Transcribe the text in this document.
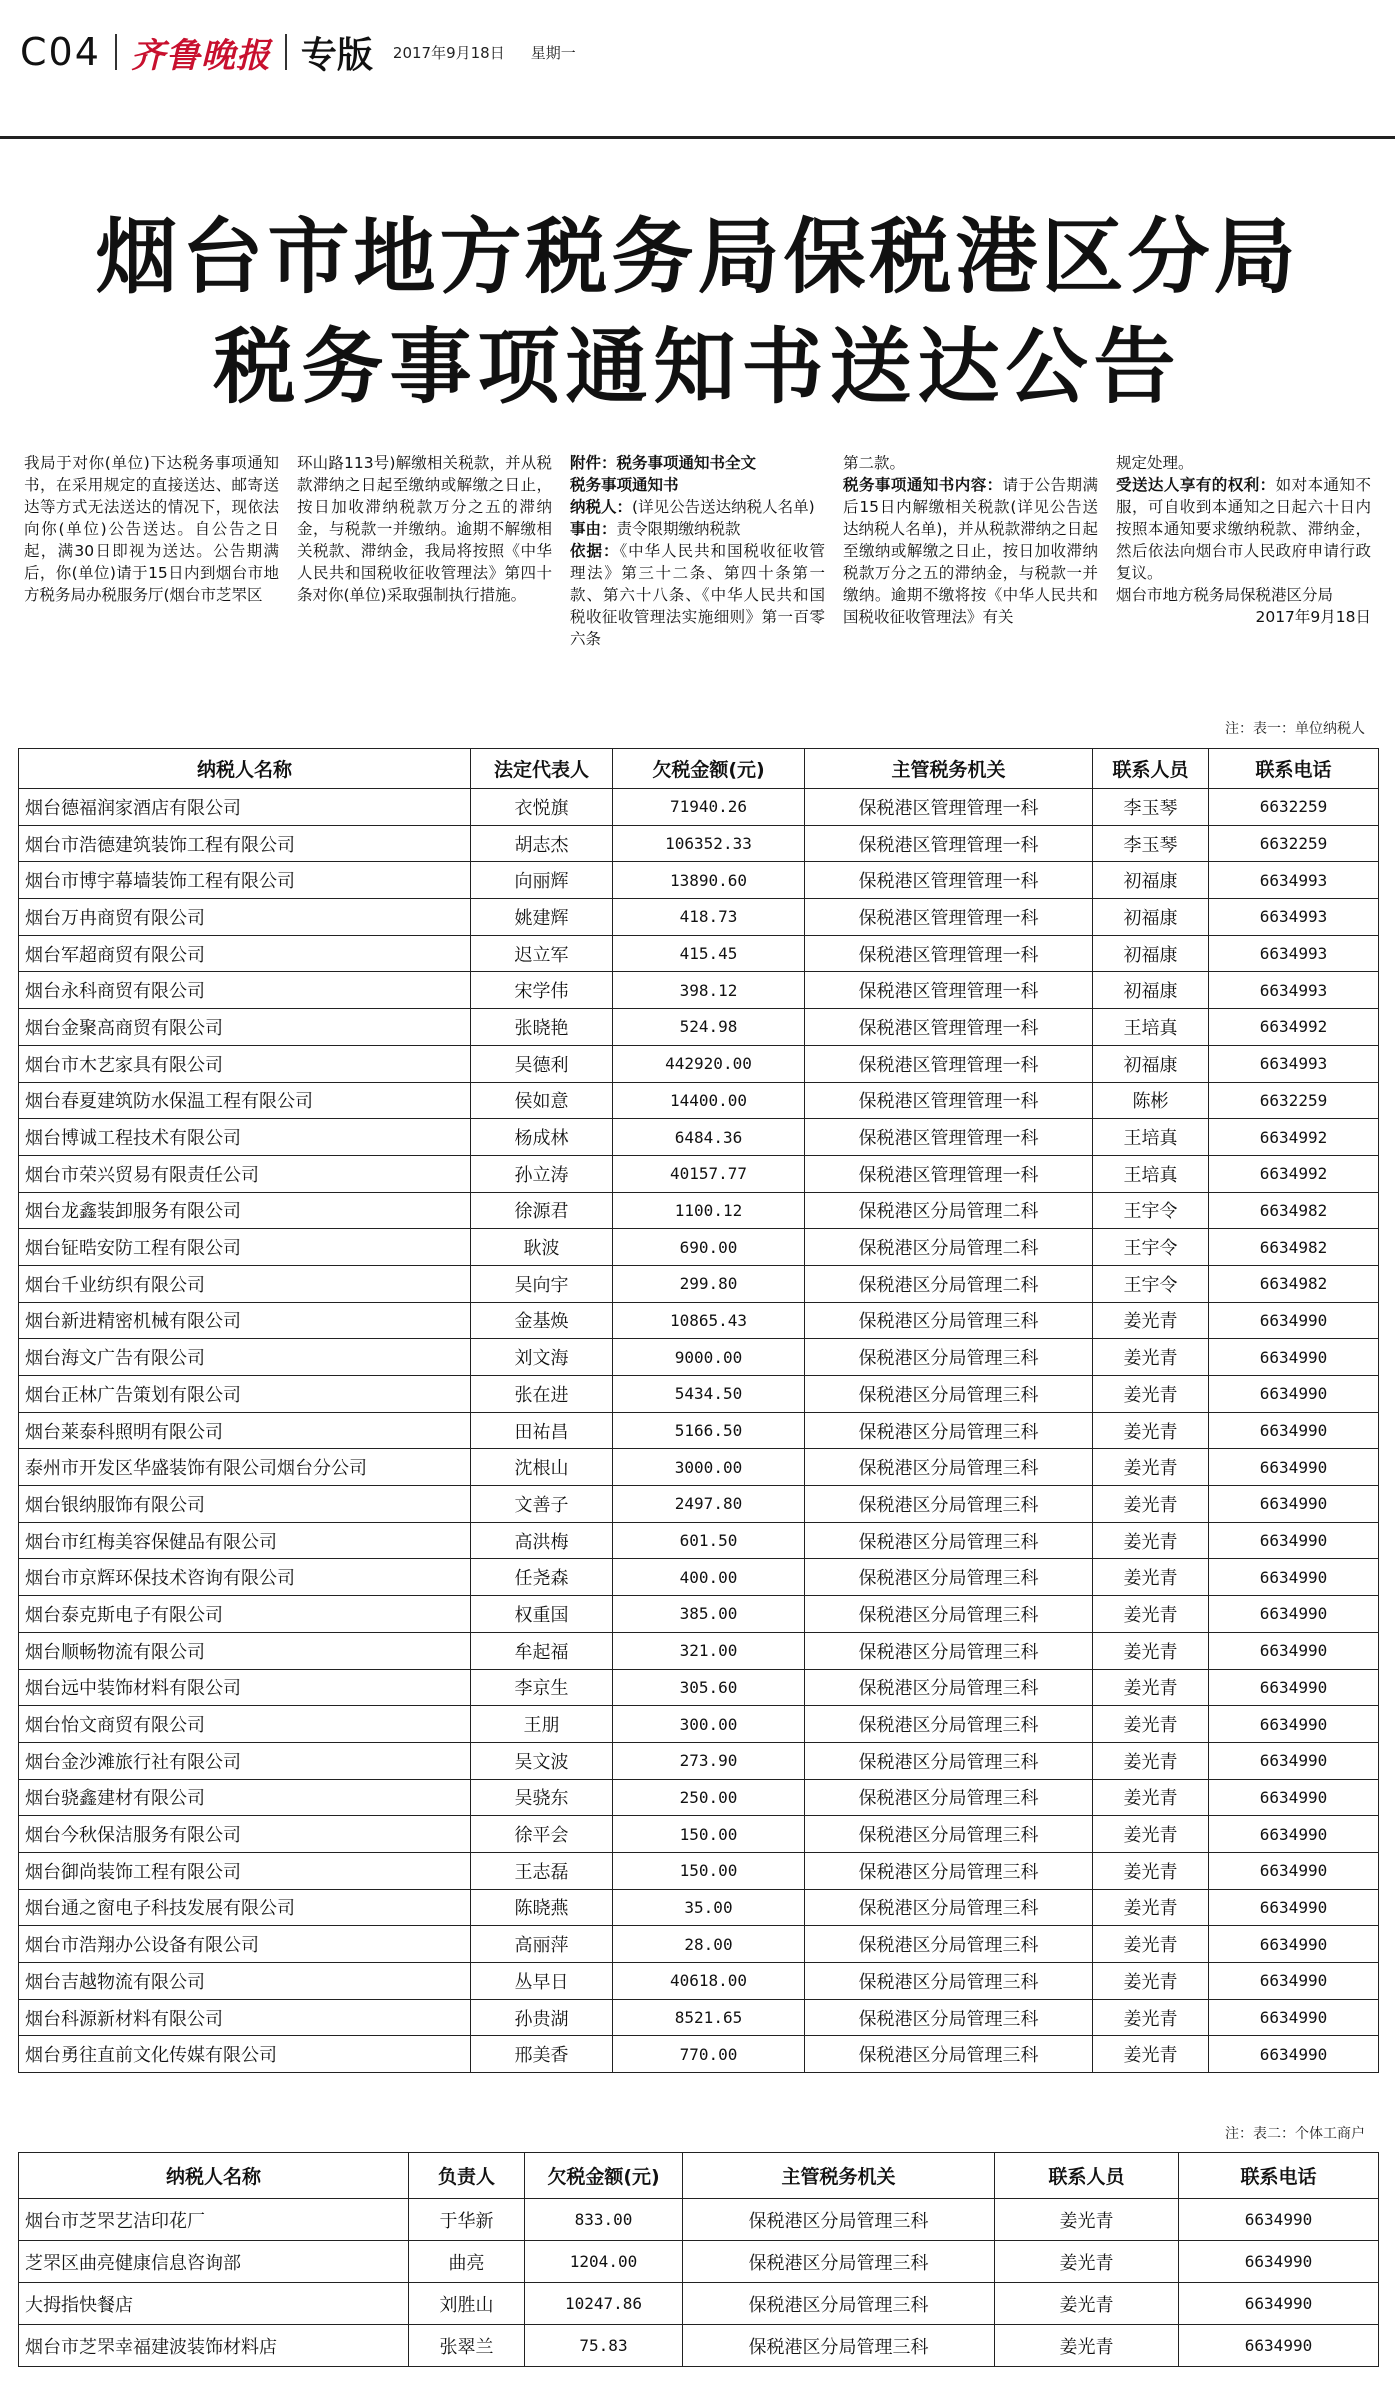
C04 齐鲁晚报 专版 2017年9月18日 星期一
烟台市地方税务局保税港区分局
税务事项通知书送达公告

我局于对你(单位)下达税务事项通知书，在采用规定的直接送达、邮寄送达等方式无法送达的情况下，现依法向你(单位)公告送达。自公告之日起，满30日即视为送达。公告期满后，你(单位)请于15日内到烟台市地方税务局办税服务厅(烟台市芝罘区

环山路113号)解缴相关税款，并从税款滞纳之日起至缴纳或解缴之日止，按日加收滞纳税款万分之五的滞纳金，与税款一并缴纳。逾期不解缴相关税款、滞纳金，我局将按照《中华人民共和国税收征收管理法》第四十条对你(单位)采取强制执行措施。

附件：税务事项通知书全文

税务事项通知书

纳税人：(详见公告送达纳税人名单)

事由：责令限期缴纳税款

依据：《中华人民共和国税收征收管理法》第三十二条、第四十条第一款、第六十八条、《中华人民共和国税收征收管理法实施细则》第一百零六条

第二款。

税务事项通知书内容：请于公告期满后15日内解缴相关税款(详见公告送达纳税人名单)，并从税款滞纳之日起至缴纳或解缴之日止，按日加收滞纳税款万分之五的滞纳金，与税款一并缴纳。逾期不缴将按《中华人民共和国税收征收管理法》有关

规定处理。

受送达人享有的权利：如对本通知不服，可自收到本通知之日起六十日内按照本通知要求缴纳税款、滞纳金，然后依法向烟台市人民政府申请行政复议。

烟台市地方税务局保税港区分局

2017年9月18日

注：表一：单位纳税人
纳税人名称	法定代表人	欠税金额(元)	主管税务机关	联系人员	联系电话
烟台德福润家酒店有限公司	衣悦旗	71940.26	保税港区管理管理一科	李玉琴	6632259
烟台市浩德建筑装饰工程有限公司	胡志杰	106352.33	保税港区管理管理一科	李玉琴	6632259
烟台市博宇幕墙装饰工程有限公司	向丽辉	13890.60	保税港区管理管理一科	初福康	6634993
烟台万冉商贸有限公司	姚建辉	418.73	保税港区管理管理一科	初福康	6634993
烟台军超商贸有限公司	迟立军	415.45	保税港区管理管理一科	初福康	6634993
烟台永科商贸有限公司	宋学伟	398.12	保税港区管理管理一科	初福康	6634993
烟台金聚高商贸有限公司	张晓艳	524.98	保税港区管理管理一科	王培真	6634992
烟台市木艺家具有限公司	吴德利	442920.00	保税港区管理管理一科	初福康	6634993
烟台春夏建筑防水保温工程有限公司	侯如意	14400.00	保税港区管理管理一科	陈彬	6632259
烟台博诚工程技术有限公司	杨成林	6484.36	保税港区管理管理一科	王培真	6634992
烟台市荣兴贸易有限责任公司	孙立涛	40157.77	保税港区管理管理一科	王培真	6634992
烟台龙鑫装卸服务有限公司	徐源君	1100.12	保税港区分局管理二科	王宇令	6634982
烟台钲晧安防工程有限公司	耿波	690.00	保税港区分局管理二科	王宇令	6634982
烟台千业纺织有限公司	吴向宇	299.80	保税港区分局管理二科	王宇令	6634982
烟台新进精密机械有限公司	金基焕	10865.43	保税港区分局管理三科	姜光青	6634990
烟台海文广告有限公司	刘文海	9000.00	保税港区分局管理三科	姜光青	6634990
烟台正林广告策划有限公司	张在进	5434.50	保税港区分局管理三科	姜光青	6634990
烟台莱泰科照明有限公司	田祐昌	5166.50	保税港区分局管理三科	姜光青	6634990
泰州市开发区华盛装饰有限公司烟台分公司	沈根山	3000.00	保税港区分局管理三科	姜光青	6634990
烟台银纳服饰有限公司	文善子	2497.80	保税港区分局管理三科	姜光青	6634990
烟台市红梅美容保健品有限公司	高洪梅	601.50	保税港区分局管理三科	姜光青	6634990
烟台市京辉环保技术咨询有限公司	任尧森	400.00	保税港区分局管理三科	姜光青	6634990
烟台泰克斯电子有限公司	权重国	385.00	保税港区分局管理三科	姜光青	6634990
烟台顺畅物流有限公司	牟起福	321.00	保税港区分局管理三科	姜光青	6634990
烟台远中装饰材料有限公司	李京生	305.60	保税港区分局管理三科	姜光青	6634990
烟台怡文商贸有限公司	王朋	300.00	保税港区分局管理三科	姜光青	6634990
烟台金沙滩旅行社有限公司	吴文波	273.90	保税港区分局管理三科	姜光青	6634990
烟台骁鑫建材有限公司	吴骁东	250.00	保税港区分局管理三科	姜光青	6634990
烟台今秋保洁服务有限公司	徐平会	150.00	保税港区分局管理三科	姜光青	6634990
烟台御尚装饰工程有限公司	王志磊	150.00	保税港区分局管理三科	姜光青	6634990
烟台通之窗电子科技发展有限公司	陈晓燕	35.00	保税港区分局管理三科	姜光青	6634990
烟台市浩翔办公设备有限公司	高丽萍	28.00	保税港区分局管理三科	姜光青	6634990
烟台吉越物流有限公司	丛早日	40618.00	保税港区分局管理三科	姜光青	6634990
烟台科源新材料有限公司	孙贵湖	8521.65	保税港区分局管理三科	姜光青	6634990
烟台勇往直前文化传媒有限公司	邢美香	770.00	保税港区分局管理三科	姜光青	6634990
注：表二：个体工商户
纳税人名称	负责人	欠税金额(元)	主管税务机关	联系人员	联系电话
烟台市芝罘艺洁印花厂	于华新	833.00	保税港区分局管理三科	姜光青	6634990
芝罘区曲亮健康信息咨询部	曲亮	1204.00	保税港区分局管理三科	姜光青	6634990
大拇指快餐店	刘胜山	10247.86	保税港区分局管理三科	姜光青	6634990
烟台市芝罘幸福建波装饰材料店	张翠兰	75.83	保税港区分局管理三科	姜光青	6634990
